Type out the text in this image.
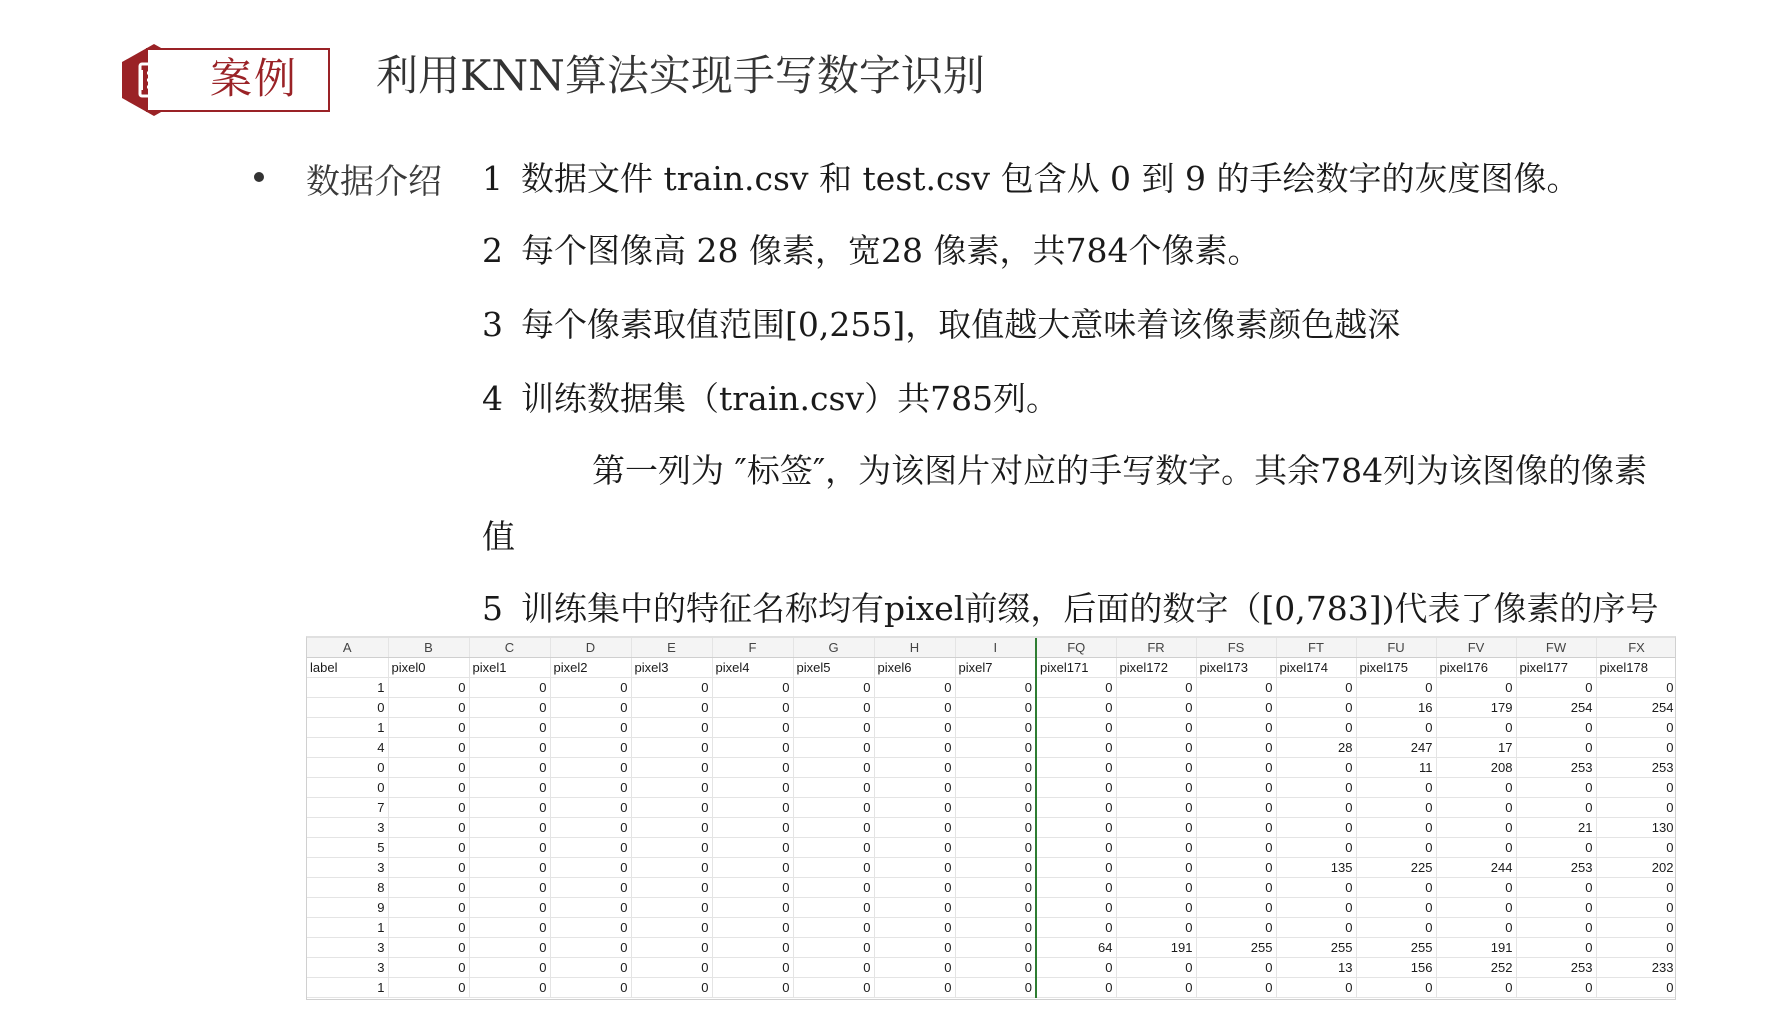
案例 利用KNN算法实现手写数字识别
数据介绍 1 数据文件 train.csv 和 test.csv 包含从 0 到 9 的手绘数字的灰度图像。
2 每个图像高 28 像素，宽28 像素，共784个像素。
3 每个像素取值范围[0,255]，取值越大意味着该像素颜色越深
4 训练数据集（train.csv）共785列。
第一列为 ″标签″，为该图片对应的手写数字。其余784列为该图像的像素
值
5 训练集中的特征名称均有pixel前缀，后面的数字（[0,783])代表了像素的序号
A	B	C	D	E	F	G	H	I	FQ	FR	FS	FT	FU	FV	FW	FX
label	pixel0	pixel1	pixel2	pixel3	pixel4	pixel5	pixel6	pixel7	pixel171	pixel172	pixel173	pixel174	pixel175	pixel176	pixel177	pixel178
1	0	0	0	0	0	0	0	0	0	0	0	0	0	0	0	0
0	0	0	0	0	0	0	0	0	0	0	0	0	16	179	254	254
1	0	0	0	0	0	0	0	0	0	0	0	0	0	0	0	0
4	0	0	0	0	0	0	0	0	0	0	0	28	247	17	0	0
0	0	0	0	0	0	0	0	0	0	0	0	0	11	208	253	253
0	0	0	0	0	0	0	0	0	0	0	0	0	0	0	0	0
7	0	0	0	0	0	0	0	0	0	0	0	0	0	0	0	0
3	0	0	0	0	0	0	0	0	0	0	0	0	0	0	21	130
5	0	0	0	0	0	0	0	0	0	0	0	0	0	0	0	0
3	0	0	0	0	0	0	0	0	0	0	0	135	225	244	253	202
8	0	0	0	0	0	0	0	0	0	0	0	0	0	0	0	0
9	0	0	0	0	0	0	0	0	0	0	0	0	0	0	0	0
1	0	0	0	0	0	0	0	0	0	0	0	0	0	0	0	0
3	0	0	0	0	0	0	0	0	64	191	255	255	255	191	0	0
3	0	0	0	0	0	0	0	0	0	0	0	13	156	252	253	233
1	0	0	0	0	0	0	0	0	0	0	0	0	0	0	0	0
